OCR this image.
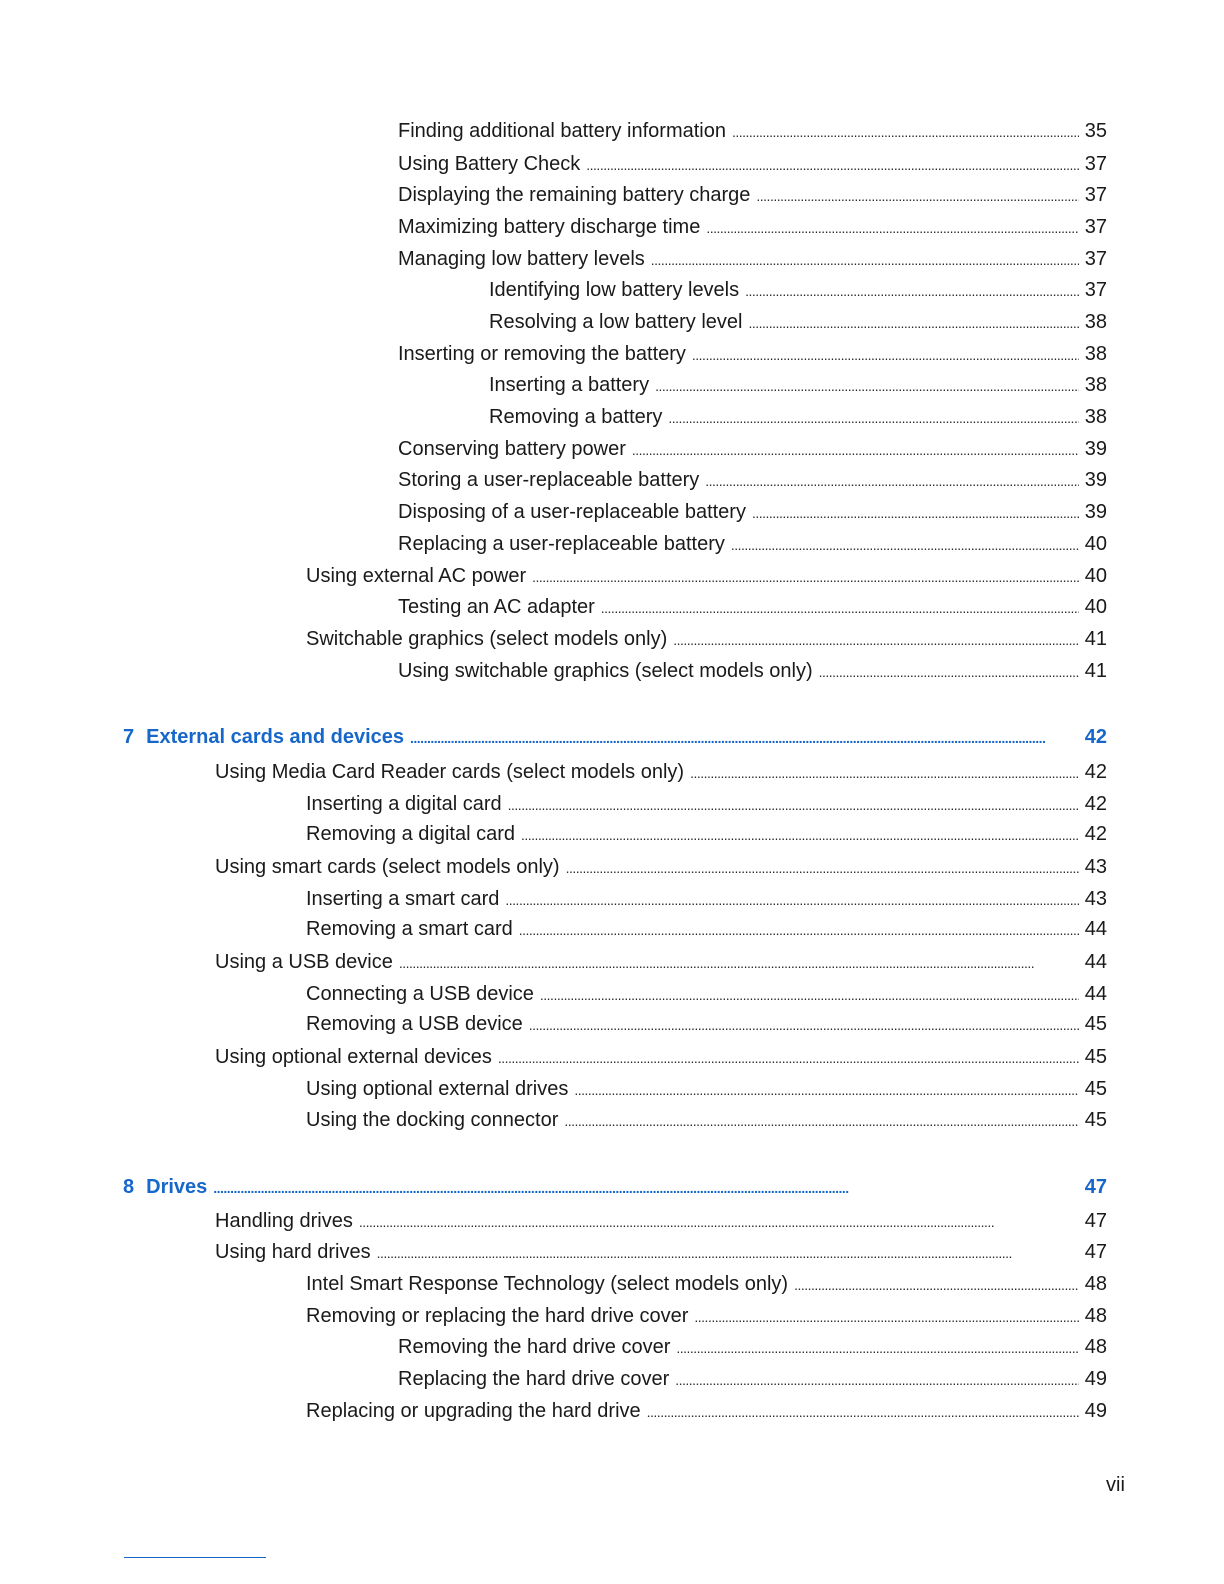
Finding additional battery information . . .	35
Using Battery Check . . .	37
Displaying the remaining battery charge . . .	37
Maximizing battery discharge time . . .	37
Managing low battery levels . . .	37
Identifying low battery levels . . .	37
Resolving a low battery level . . .	38
Inserting or removing the battery . . .	38
Inserting a battery . . .	38
Removing a battery . . .	38
Conserving battery power . . .	39
Storing a user-replaceable battery . . .	39
Disposing of a user-replaceable battery . . .	39
Replacing a user-replaceable battery . . .	40
Using external AC power . . .	40
Testing an AC adapter . . .	40
Switchable graphics (select models only) . . .	41
Using switchable graphics (select models only) . . .	41
7 External cards and devices . . .	42
Using Media Card Reader cards (select models only) . . .	42
Inserting a digital card . . .	42
Removing a digital card . . .	42
Using smart cards (select models only) . . .	43
Inserting a smart card . . .	43
Removing a smart card . . .	44
Using a USB device . . .	44
Connecting a USB device . . .	44
Removing a USB device . . .	45
Using optional external devices . . .	45
Using optional external drives . . .	45
Using the docking connector . . .	45
8 Drives . . .	47
Handling drives . . .	47
Using hard drives . . .	47
Intel Smart Response Technology (select models only) . . .	48
Removing or replacing the hard drive cover . . .	48
Removing the hard drive cover . . .	48
Replacing the hard drive cover . . .	49
Replacing or upgrading the hard drive . . .	49
vii
